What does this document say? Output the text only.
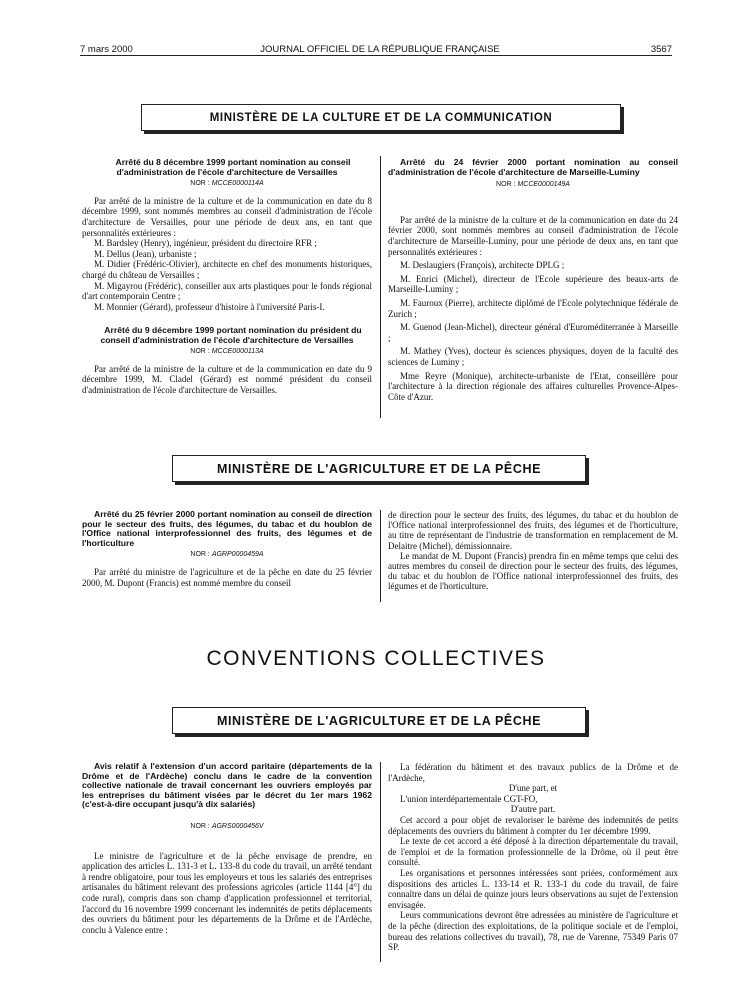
7 mars 2000	JOURNAL OFFICIEL DE LA RÉPUBLIQUE FRANÇAISE	3567
MINISTÈRE DE LA CULTURE ET DE LA COMMUNICATION

Arrêté du 8 décembre 1999 portant nomination au conseil d'administration de l'école d'architecture de Versailles

NOR : MCCE0000114A

Par arrêté de la ministre de la culture et de la communication en date du 8 décembre 1999, sont nommés membres au conseil d'administration de l'école d'architecture de Versailles, pour une période de deux ans, en tant que personnalités extérieures :

M. Bardsley (Henry), ingénieur, président du directoire RFR ;

M. Dellus (Jean), urbaniste ;

M. Didier (Frédéric-Olivier), architecte en chef des monuments historiques, chargé du château de Versailles ;

M. Migayrou (Frédéric), conseiller aux arts plastiques pour le fonds régional d'art contemporain Centre ;

M. Monnier (Gérard), professeur d'histoire à l'université Paris-I.

Arrêté du 9 décembre 1999 portant nomination du président du conseil d'administration de l'école d'architecture de Versailles

NOR : MCCE0000113A

Par arrêté de la ministre de la culture et de la communication en date du 9 décembre 1999, M. Cladel (Gérard) est nommé président du conseil d'administration de l'école d'architecture de Versailles.

Arrêté du 24 février 2000 portant nomination au conseil d'administration de l'école d'architecture de Marseille-Luminy

NOR : MCCE0000149A

Par arrêté de la ministre de la culture et de la communication en date du 24 février 2000, sont nommés membres au conseil d'administration de l'école d'architecture de Marseille-Luminy, pour une période de deux ans, en tant que personnalités extérieures :

M. Deslaugiers (François), architecte DPLG ;

M. Enrici (Michel), directeur de l'Ecole supérieure des beaux-arts de Marseille-Luminy ;

M. Fauroux (Pierre), architecte diplômé de l'Ecole polytechnique fédérale de Zurich ;

M. Guenod (Jean-Michel), directeur général d'Euroméditerranée à Marseille ;

M. Mathey (Yves), docteur ès sciences physiques, doyen de la faculté des sciences de Luminy ;

Mme Reyre (Monique), architecte-urbaniste de l'Etat, conseillère pour l'architecture à la direction régionale des affaires culturelles Provence-Alpes-Côte d'Azur.

MINISTÈRE DE L'AGRICULTURE ET DE LA PÊCHE

Arrêté du 25 février 2000 portant nomination au conseil de direction pour le secteur des fruits, des légumes, du tabac et du houblon de l'Office national interprofessionnel des fruits, des légumes et de l'horticulture

NOR : AGRP0000459A

Par arrêté du ministre de l'agriculture et de la pêche en date du 25 février 2000, M. Dupont (Francis) est nommé membre du conseil

de direction pour le secteur des fruits, des légumes, du tabac et du houblon de l'Office national interprofessionnel des fruits, des légumes et de l'horticulture, au titre de représentant de l'industrie de transformation en remplacement de M. Delaitre (Michel), démissionnaire.

Le mandat de M. Dupont (Francis) prendra fin en même temps que celui des autres membres du conseil de direction pour le secteur des fruits, des légumes, du tabac et du houblon de l'Office national interprofessionnel des fruits, des légumes et de l'horticulture.

CONVENTIONS COLLECTIVES
MINISTÈRE DE L'AGRICULTURE ET DE LA PÊCHE

Avis relatif à l'extension d'un accord paritaire (départements de la Drôme et de l'Ardèche) conclu dans le cadre de la convention collective nationale de travail concernant les ouvriers employés par les entreprises du bâtiment visées par le décret du 1er mars 1962 (c'est-à-dire occupant jusqu'à dix salariés)

NOR : AGRS0000456V

Le ministre de l'agriculture et de la pêche envisage de prendre, en application des articles L. 131-3 et L. 133-8 du code du travail, un arrêté tendant à rendre obligatoire, pour tous les employeurs et tous les salariés des entreprises artisanales du bâtiment relevant des professions agricoles (article 1144 [4°] du code rural), compris dans son champ d'application professionnel et territorial, l'accord du 16 novembre 1999 concernant les indemnités de petits déplacements des ouvriers du bâtiment pour les départements de la Drôme et de l'Ardèche, conclu à Valence entre :

La fédération du bâtiment et des travaux publics de la Drôme et de l'Ardèche,

D'une part, et

L'union interdépartementale CGT-FO,

D'autre part.

Cet accord a pour objet de revaloriser le barème des indemnités de petits déplacements des ouvriers du bâtiment à compter du 1er décembre 1999.

Le texte de cet accord a été déposé à la direction départementale du travail, de l'emploi et de la formation professionnelle de la Drôme, où il peut être consulté.

Les organisations et personnes intéressées sont priées, conformément aux dispositions des articles L. 133-14 et R. 133-1 du code du travail, de faire connaître dans un délai de quinze jours leurs observations au sujet de l'extension envisagée.

Leurs communications devront être adressées au ministère de l'agriculture et de la pêche (direction des exploitations, de la politique sociale et de l'emploi, bureau des relations collectives du travail), 78, rue de Varenne, 75349 Paris 07 SP.
